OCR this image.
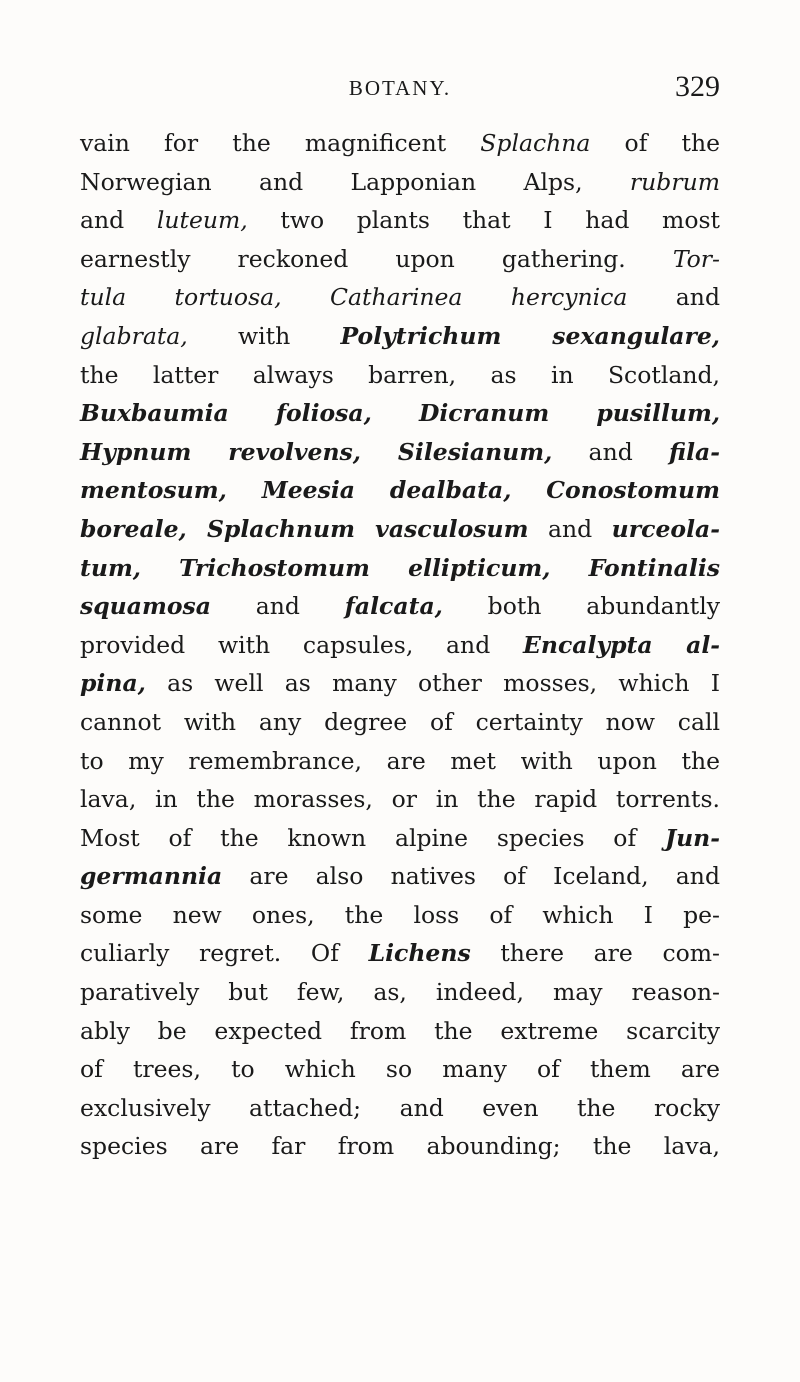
BOTANY.	329
vain for the magnificent Splachna of the
Norwegian and Lapponian Alps, rubrum
and luteum, two plants that I had most
earnestly reckoned upon gathering. Tor-
tula tortuosa, Catharinea hercynica and
glabrata, with Polytrichum sexangulare,
the latter always barren, as in Scotland,
Buxbaumia foliosa, Dicranum pusillum,
Hypnum revolvens, Silesianum, and fila-
mentosum, Meesia dealbata, Conostomum
boreale, Splachnum vasculosum and urceola-
tum, Trichostomum ellipticum, Fontinalis
squamosa and falcata, both abundantly
provided with capsules, and Encalypta al-
pina, as well as many other mosses, which I
cannot with any degree of certainty now call
to my remembrance, are met with upon the
lava, in the morasses, or in the rapid torrents.
Most of the known alpine species of Jun-
germannia are also natives of Iceland, and
some new ones, the loss of which I pe-
culiarly regret. Of Lichens there are com-
paratively but few, as, indeed, may reason-
ably be expected from the extreme scarcity
of trees, to which so many of them are
exclusively attached; and even the rocky
species are far from abounding; the lava,
